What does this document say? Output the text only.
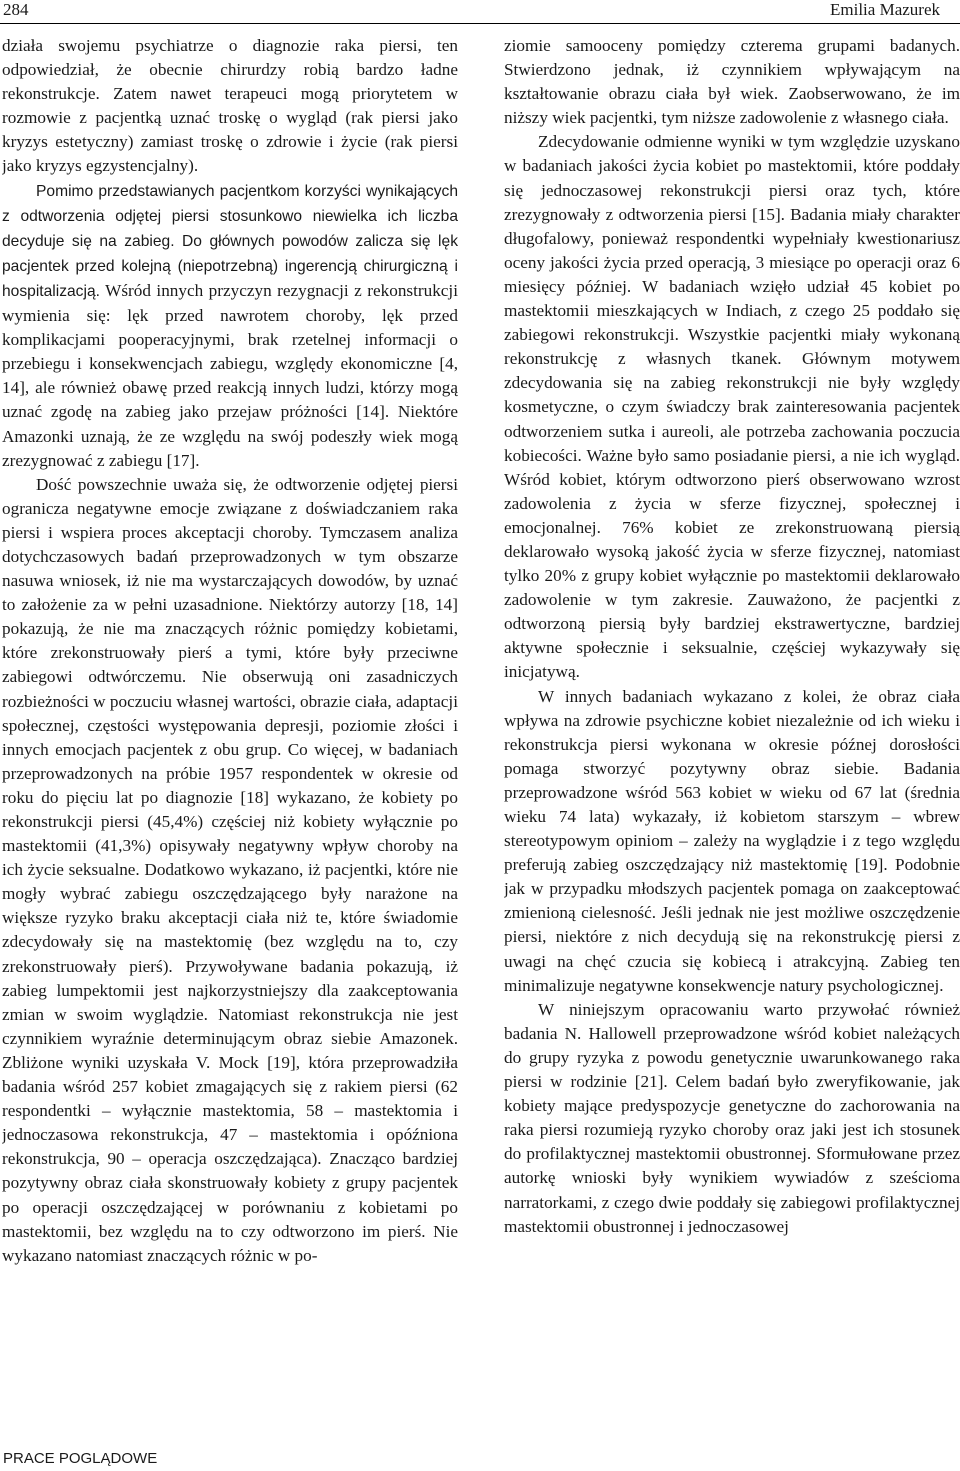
284	Emilia Mazurek

działa swojemu psychiatrze o diagnozie raka piersi, ten odpowiedział, że obecnie chirurdzy robią bardzo ładne rekonstrukcje. Zatem nawet terapeuci mogą priorytetem w rozmowie z pacjentką uznać troskę o wygląd (rak piersi jako kryzys estetyczny) zamiast troskę o zdrowie i życie (rak piersi jako kryzys egzystencjalny).

Pomimo przedstawianych pacjentkom korzyści wynikających z odtworzenia odjętej piersi stosunkowo niewielka ich liczba decyduje się na zabieg. Do głównych powodów zalicza się lęk pacjentek przed kolejną (niepotrzebną) ingerencją chirurgiczną i hospitalizacją. Wśród innych przyczyn rezygnacji z rekonstrukcji wymienia się: lęk przed nawrotem choroby, lęk przed komplikacjami pooperacyjnymi, brak rzetelnej informacji o przebiegu i konsekwencjach zabiegu, względy ekonomiczne [4, 14], ale również obawę przed reakcją innych ludzi, którzy mogą uznać zgodę na zabieg jako przejaw próżności [14]. Niektóre Amazonki uznają, że ze względu na swój podeszły wiek mogą zrezygnować z zabiegu [17].

Dość powszechnie uważa się, że odtworzenie odjętej piersi ogranicza negatywne emocje związane z doświadczaniem raka piersi i wspiera proces akceptacji choroby. Tymczasem analiza dotychczasowych badań przeprowadzonych w tym obszarze nasuwa wniosek, iż nie ma wystarczających dowodów, by uznać to założenie za w pełni uzasadnione. Niektórzy autorzy [18, 14] pokazują, że nie ma znaczących różnic pomiędzy kobietami, które zrekonstruowały pierś a tymi, które były przeciwne zabiegowi odtwórczemu. Nie obserwują oni zasadniczych rozbieżności w poczuciu własnej wartości, obrazie ciała, adaptacji społecznej, częstości występowania depresji, poziomie złości i innych emocjach pacjentek z obu grup. Co więcej, w badaniach przeprowadzonych na próbie 1957 respondentek w okresie od roku do pięciu lat po diagnozie [18] wykazano, że kobiety po rekonstrukcji piersi (45,4%) częściej niż kobiety wyłącznie po mastektomii (41,3%) opisywały negatywny wpływ choroby na ich życie seksualne. Dodatkowo wykazano, iż pacjentki, które nie mogły wybrać zabiegu oszczędzającego były narażone na większe ryzyko braku akceptacji ciała niż te, które świadomie zdecydowały się na mastektomię (bez względu na to, czy zrekonstruowały pierś). Przywoływane badania pokazują, iż zabieg lumpektomii jest najkorzystniejszy dla zaakceptowania zmian w swoim wyglądzie. Natomiast rekonstrukcja nie jest czynnikiem wyraźnie determinującym obraz siebie Amazonek. Zbliżone wyniki uzyskała V. Mock [19], która przeprowadziła badania wśród 257 kobiet zmagających się z rakiem piersi (62 respondentki – wyłącznie mastektomia, 58 – mastektomia i jednoczasowa rekonstrukcja, 47 – mastektomia i opóźniona rekonstrukcja, 90 – operacja oszczędzająca). Znacząco bardziej pozytywny obraz ciała skonstruowały kobiety z grupy pacjentek po operacji oszczędzającej w porównaniu z kobietami po mastektomii, bez względu na to czy odtworzono im pierś. Nie wykazano natomiast znaczących różnic w po-

ziomie samooceny pomiędzy czterema grupami badanych. Stwierdzono jednak, iż czynnikiem wpływającym na kształtowanie obrazu ciała był wiek. Zaobserwowano, że im niższy wiek pacjentki, tym niższe zadowolenie z własnego ciała.

Zdecydowanie odmienne wyniki w tym względzie uzyskano w badaniach jakości życia kobiet po mastektomii, które poddały się jednoczasowej rekonstrukcji piersi oraz tych, które zrezygnowały z odtworzenia piersi [15]. Badania miały charakter długofalowy, ponieważ respondentki wypełniały kwestionariusz oceny jakości życia przed operacją, 3 miesiące po operacji oraz 6 miesięcy później. W badaniach wzięło udział 45 kobiet po mastektomii mieszkających w Indiach, z czego 25 poddało się zabiegowi rekonstrukcji. Wszystkie pacjentki miały wykonaną rekonstrukcję z własnych tkanek. Głównym motywem zdecydowania się na zabieg rekonstrukcji nie były względy kosmetyczne, o czym świadczy brak zainteresowania pacjentek odtworzeniem sutka i aureoli, ale potrzeba zachowania poczucia kobiecości. Ważne było samo posiadanie piersi, a nie ich wygląd. Wśród kobiet, którym odtworzono pierś obserwowano wzrost zadowolenia z życia w sferze fizycznej, społecznej i emocjonalnej. 76% kobiet ze zrekonstruowaną piersią deklarowało wysoką jakość życia w sferze fizycznej, natomiast tylko 20% z grupy kobiet wyłącznie po mastektomii deklarowało zadowolenie w tym zakresie. Zauważono, że pacjentki z odtworzoną piersią były bardziej ekstrawertyczne, bardziej aktywne społecznie i seksualnie, częściej wykazywały się inicjatywą.

W innych badaniach wykazano z kolei, że obraz ciała wpływa na zdrowie psychiczne kobiet niezależnie od ich wieku i rekonstrukcja piersi wykonana w okresie późnej dorosłości pomaga stworzyć pozytywny obraz siebie. Badania przeprowadzone wśród 563 kobiet w wieku od 67 lat (średnia wieku 74 lata) wykazały, iż kobietom starszym – wbrew stereotypowym opiniom – zależy na wyglądzie i z tego względu preferują zabieg oszczędzający niż mastektomię [19]. Podobnie jak w przypadku młodszych pacjentek pomaga on zaakceptować zmienioną cielesność. Jeśli jednak nie jest możliwe oszczędzenie piersi, niektóre z nich decydują się na rekonstrukcję piersi z uwagi na chęć czucia się kobiecą i atrakcyjną. Zabieg ten minimalizuje negatywne konsekwencje natury psychologicznej.

W niniejszym opracowaniu warto przywołać również badania N. Hallowell przeprowadzone wśród kobiet należących do grupy ryzyka z powodu genetycznie uwarunkowanego raka piersi w rodzinie [21]. Celem badań było zweryfikowanie, jak kobiety mające predyspozycje genetyczne do zachorowania na raka piersi rozumieją ryzyko choroby oraz jaki jest ich stosunek do profilaktycznej mastektomii obustronnej. Sformułowane przez autorkę wnioski były wynikiem wywiadów z sześcioma narratorkami, z czego dwie poddały się zabiegowi profilaktycznej mastektomii obustronnej i jednoczasowej

PRACE POGLĄDOWE
